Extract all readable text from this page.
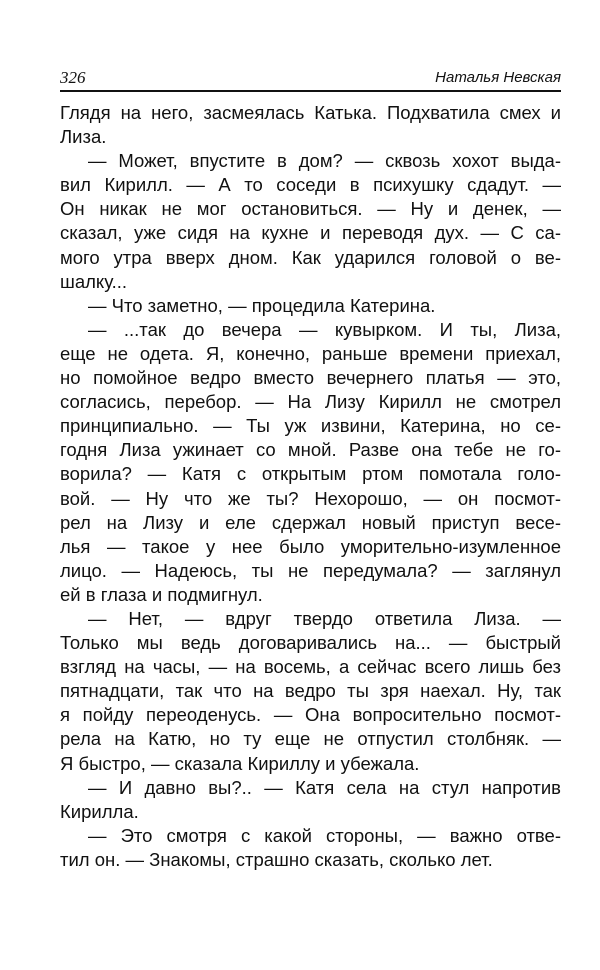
326	Наталья Невская
Глядя на него, засмеялась Катька. Подхватила смех и
Лиза.
— Может, впустите в дом? — сквозь хохот выда-
вил Кирилл. — А то соседи в психушку сдадут. —
Он никак не мог остановиться. — Ну и денек, —
сказал, уже сидя на кухне и переводя дух. — С са-
мого утра вверх дном. Как ударился головой о ве-
шалку...
— Что заметно, — процедила Катерина.
— ...так до вечера — кувырком. И ты, Лиза,
еще не одета. Я, конечно, раньше времени приехал,
но помойное ведро вместо вечернего платья — это,
согласись, перебор. — На Лизу Кирилл не смотрел
принципиально. — Ты уж извини, Катерина, но се-
годня Лиза ужинает со мной. Разве она тебе не го-
ворила? — Катя с открытым ртом помотала голо-
вой. — Ну что же ты? Нехорошо, — он посмот-
рел на Лизу и еле сдержал новый приступ весе-
лья — такое у нее было уморительно-изумленное
лицо. — Надеюсь, ты не передумала? — заглянул
ей в глаза и подмигнул.
— Нет, — вдруг твердо ответила Лиза. —
Только мы ведь договаривались на... — быстрый
взгляд на часы, — на восемь, а сейчас всего лишь без
пятнадцати, так что на ведро ты зря наехал. Ну, так
я пойду переоденусь. — Она вопросительно посмот-
рела на Катю, но ту еще не отпустил столбняк. —
Я быстро, — сказала Кириллу и убежала.
— И давно вы?.. — Катя села на стул напротив
Кирилла.
— Это смотря с какой стороны, — важно отве-
тил он. — Знакомы, страшно сказать, сколько лет.
